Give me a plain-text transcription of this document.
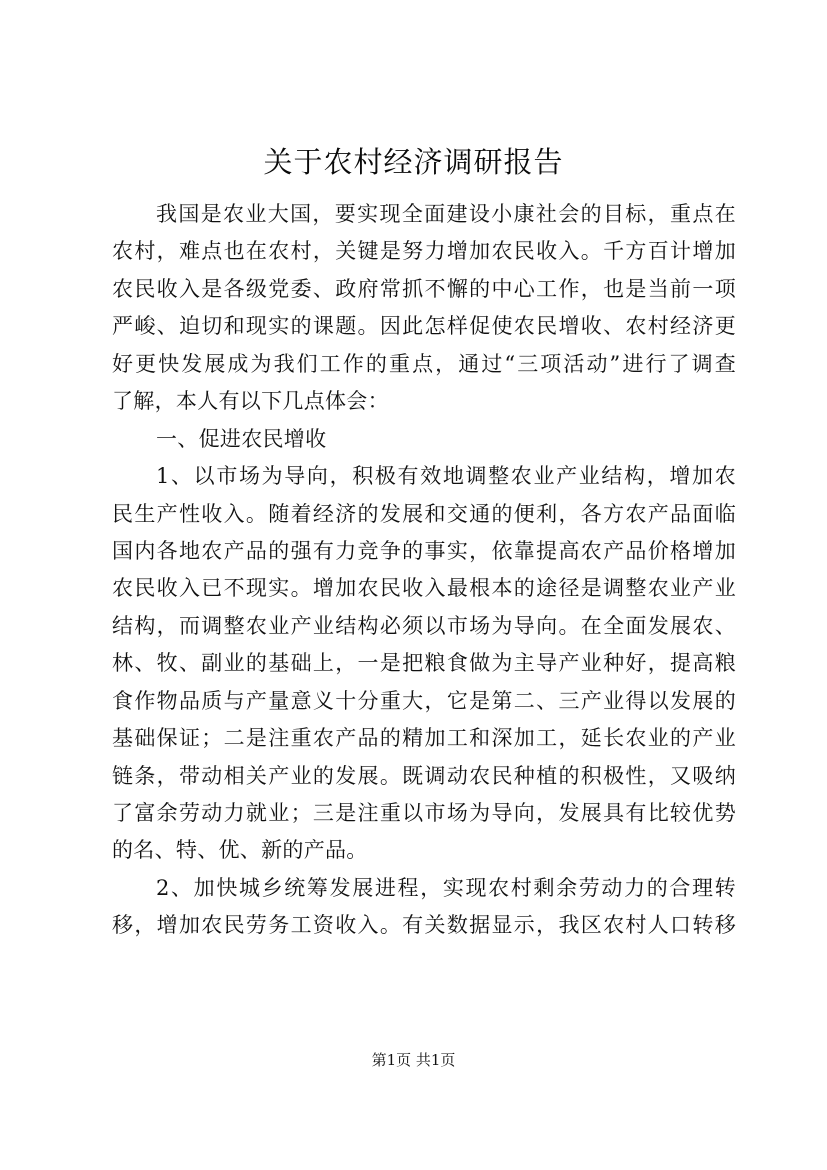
关于农村经济调研报告
我国是农业大国，要实现全面建设小康社会的目标，重点在
农村，难点也在农村，关键是努力增加农民收入。千方百计增加
农民收入是各级党委、政府常抓不懈的中心工作，也是当前一项
严峻、迫切和现实的课题。因此怎样促使农民增收、农村经济更
好更快发展成为我们工作的重点，通过“三项活动”进行了调查
了解，本人有以下几点体会：
一、促进农民增收
1、以市场为导向，积极有效地调整农业产业结构，增加农
民生产性收入。随着经济的发展和交通的便利，各方农产品面临
国内各地农产品的强有力竞争的事实，依靠提高农产品价格增加
农民收入已不现实。增加农民收入最根本的途径是调整农业产业
结构，而调整农业产业结构必须以市场为导向。在全面发展农、
林、牧、副业的基础上，一是把粮食做为主导产业种好，提高粮
食作物品质与产量意义十分重大，它是第二、三产业得以发展的
基础保证；二是注重农产品的精加工和深加工，延长农业的产业
链条，带动相关产业的发展。既调动农民种植的积极性，又吸纳
了富余劳动力就业；三是注重以市场为导向，发展具有比较优势
的名、特、优、新的产品。
2、加快城乡统筹发展进程，实现农村剩余劳动力的合理转
移，增加农民劳务工资收入。有关数据显示，我区农村人口转移
第1页 共1页
